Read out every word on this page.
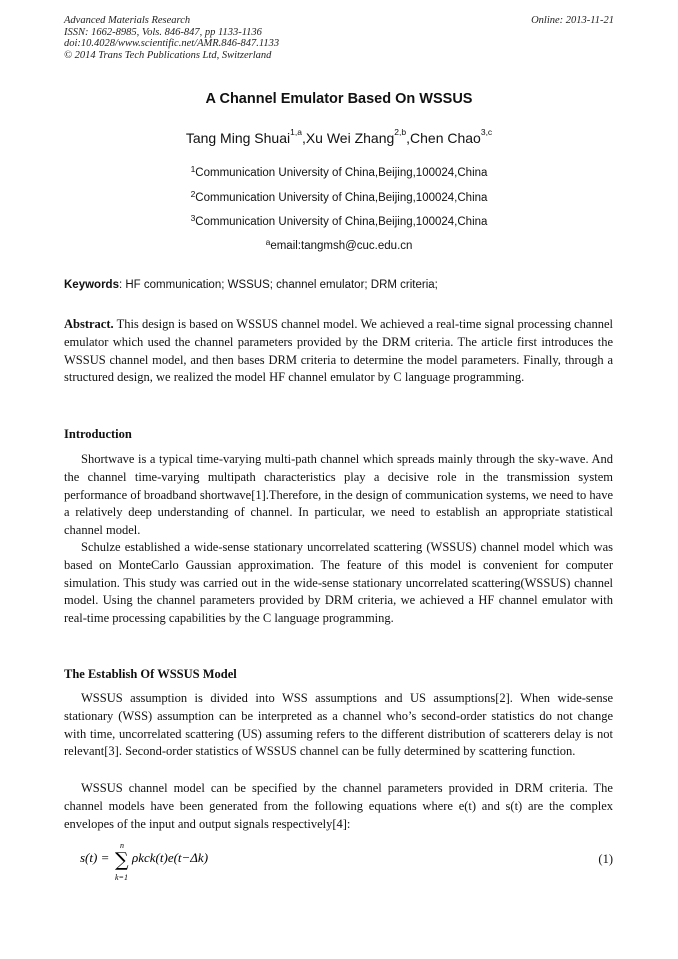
Advanced Materials Research
ISSN: 1662-8985, Vols. 846-847, pp 1133-1136
doi:10.4028/www.scientific.net/AMR.846-847.1133
© 2014 Trans Tech Publications Ltd, Switzerland
Online: 2013-11-21
A Channel Emulator Based On WSSUS
Tang Ming Shuai$^{1,a}$,Xu Wei Zhang$^{2,b}$,Chen Chao$^{3,c}$
$^1$Communication University of China,Beijing,100024,China
$^2$Communication University of China,Beijing,100024,China
$^3$Communication University of China,Beijing,100024,China
$^a$email:tangmsh@cuc.edu.cn
Keywords: HF communication; WSSUS; channel emulator; DRM criteria;

Abstract. This design is based on WSSUS channel model. We achieved a real-time signal processing channel emulator which used the channel parameters provided by the DRM criteria. The article first introduces the WSSUS channel model, and then bases DRM criteria to determine the model parameters. Finally, through a structured design, we realized the model HF channel emulator by C language programming.

Introduction

Shortwave is a typical time-varying multi-path channel which spreads mainly through the sky-wave. And the channel time-varying multipath characteristics play a decisive role in the transmission system performance of broadband shortwave[1].Therefore, in the design of communication systems, we need to have a relatively deep understanding of channel. In particular, we need to establish an appropriate statistical channel model.

Schulze established a wide-sense stationary uncorrelated scattering (WSSUS) channel model which was based on MonteCarlo Gaussian approximation. The feature of this model is convenient for computer simulation. This study was carried out in the wide-sense stationary uncorrelated scattering(WSSUS) channel model. Using the channel parameters provided by DRM criteria, we achieved a HF channel emulator with real-time processing capabilities by the C language programming.

The Establish Of WSSUS Model

WSSUS assumption is divided into WSS assumptions and US assumptions[2]. When wide-sense stationary (WSS) assumption can be interpreted as a channel who’s second-order statistics do not change with time, uncorrelated scattering (US) assuming refers to the different distribution of scatterers delay is not relevant[3]. Second-order statistics of WSSUS channel can be fully determined by scattering function.

WSSUS channel model can be specified by the channel parameters provided in DRM criteria. The channel models have been generated from the following equations where e(t) and s(t) are the complex envelopes of the input and output signals respectively[4]:

s(t) =
n
∑
k=1
ρkck(t)e(t−Δk)	(1)
